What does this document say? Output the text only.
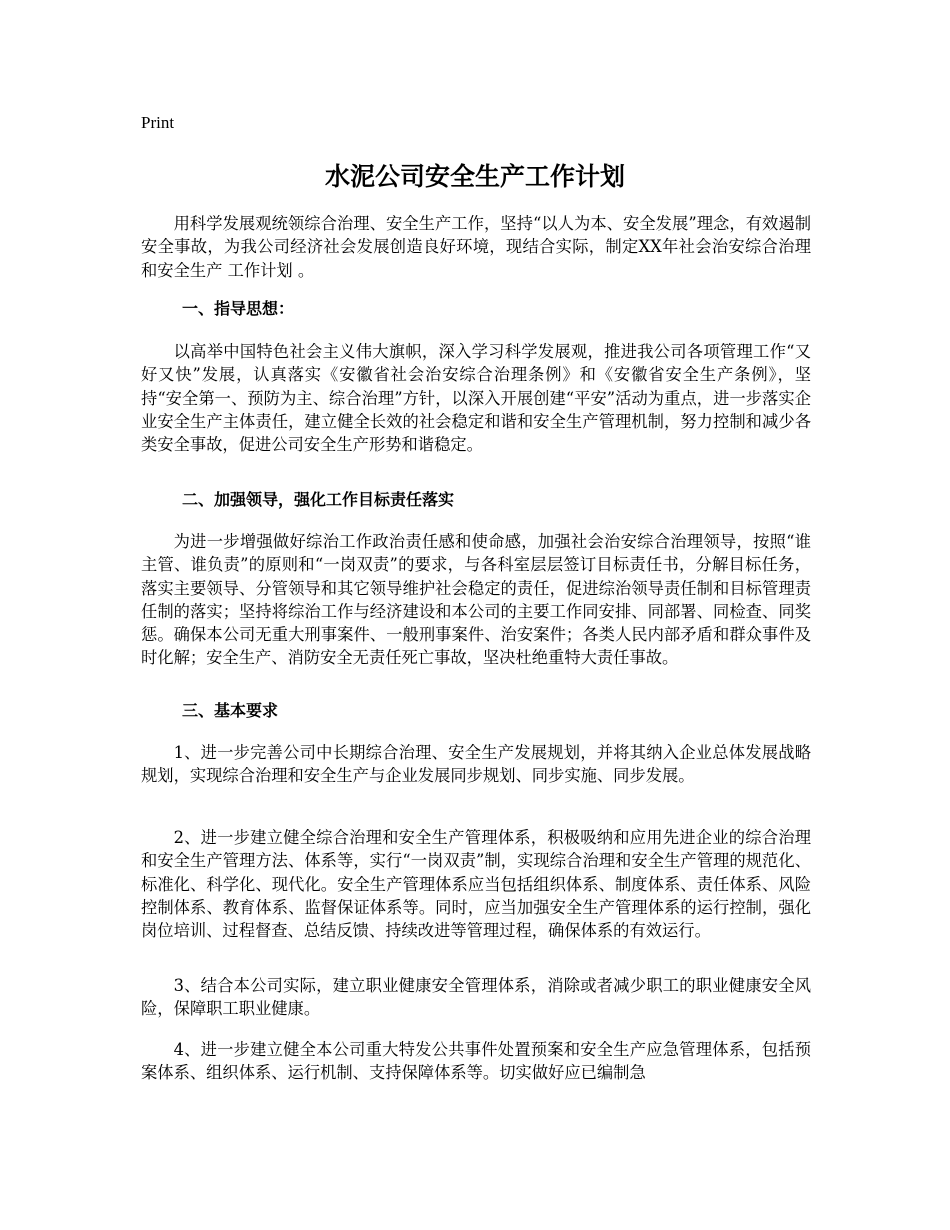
Print
水泥公司安全生产工作计划

用科学发展观统领综合治理、安全生产工作，坚持“以人为本、安全发展”理念，有效遏制安全事故，为我公司经济社会发展创造良好环境，现结合实际，制定XX年社会治安综合治理和安全生产 工作计划 。

一、指导思想：

以高举中国特色社会主义伟大旗帜，深入学习科学发展观，推进我公司各项管理工作“又好又快”发展，认真落实《安徽省社会治安综合治理条例》和《安徽省安全生产条例》，坚持“安全第一、预防为主、综合治理”方针，以深入开展创建“平安”活动为重点，进一步落实企业安全生产主体责任，建立健全长效的社会稳定和谐和安全生产管理机制，努力控制和减少各类安全事故，促进公司安全生产形势和谐稳定。

二、加强领导，强化工作目标责任落实

为进一步增强做好综治工作政治责任感和使命感，加强社会治安综合治理领导，按照“谁主管、谁负责”的原则和“一岗双责”的要求，与各科室层层签订目标责任书，分解目标任务，落实主要领导、分管领导和其它领导维护社会稳定的责任，促进综治领导责任制和目标管理责任制的落实；坚持将综治工作与经济建设和本公司的主要工作同安排、同部署、同检查、同奖惩。确保本公司无重大刑事案件、一般刑事案件、治安案件；各类人民内部矛盾和群众事件及时化解；安全生产、消防安全无责任死亡事故，坚决杜绝重特大责任事故。

三、基本要求

1、进一步完善公司中长期综合治理、安全生产发展规划，并将其纳入企业总体发展战略规划，实现综合治理和安全生产与企业发展同步规划、同步实施、同步发展。

2、进一步建立健全综合治理和安全生产管理体系，积极吸纳和应用先进企业的综合治理和安全生产管理方法、体系等，实行“一岗双责”制，实现综合治理和安全生产管理的规范化、标准化、科学化、现代化。安全生产管理体系应当包括组织体系、制度体系、责任体系、风险控制体系、教育体系、监督保证体系等。同时，应当加强安全生产管理体系的运行控制，强化岗位培训、过程督查、总结反馈、持续改进等管理过程，确保体系的有效运行。

3、结合本公司实际，建立职业健康安全管理体系，消除或者减少职工的职业健康安全风险，保障职工职业健康。

4、进一步建立健全本公司重大特发公共事件处置预案和安全生产应急管理体系，包括预案体系、组织体系、运行机制、支持保障体系等。切实做好应已编制急
